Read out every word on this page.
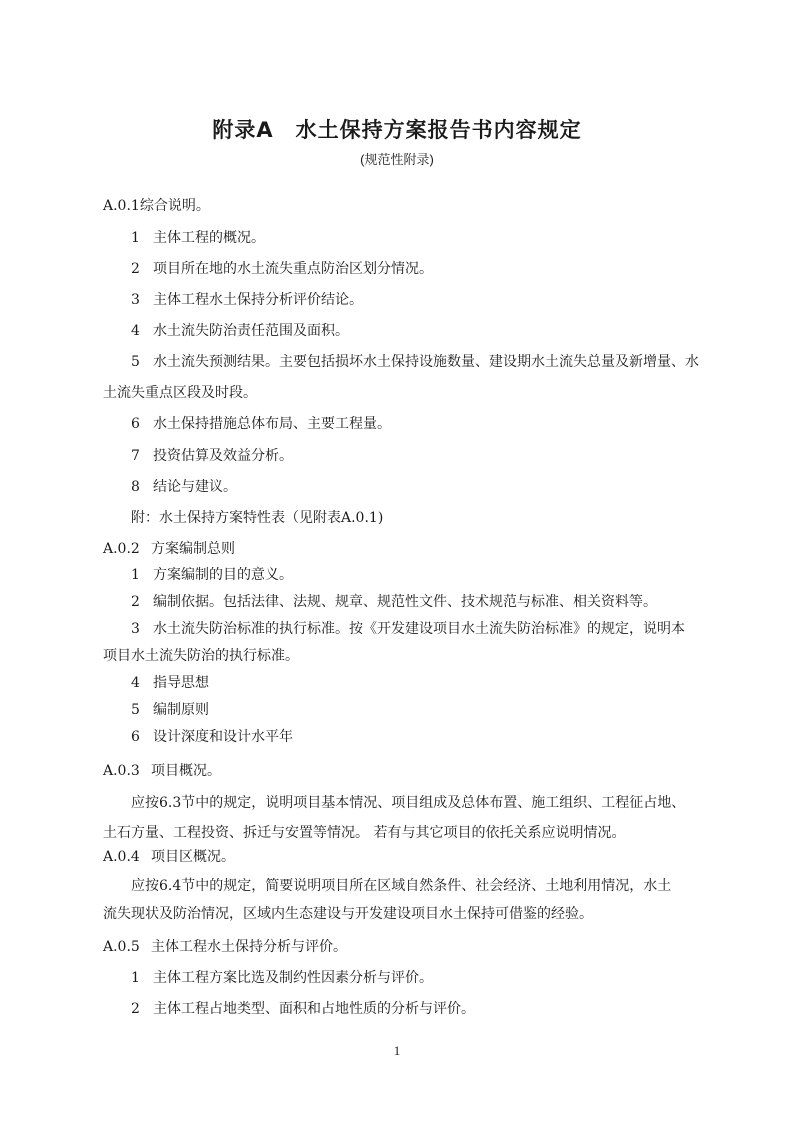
附录A 水土保持方案报告书内容规定
(规范性附录)
A.0.1综合说明。
1 主体工程的概况。
2 项目所在地的水土流失重点防治区划分情况。
3 主体工程水土保持分析评价结论。
4 水土流失防治责任范围及面积。
5 水土流失预测结果。主要包括损坏水土保持设施数量、建设期水土流失总量及新增量、水
土流失重点区段及时段。
6 水土保持措施总体布局、主要工程量。
7 投资估算及效益分析。
8 结论与建议。
附：水土保持方案特性表（见附表A.0.1)
A.0.2 方案编制总则
1 方案编制的目的意义。
2 编制依据。包括法律、法规、规章、规范性文件、技术规范与标准、相关资料等。
3 水土流失防治标准的执行标准。按《开发建设项目水土流失防治标准》的规定，说明本
项目水土流失防治的执行标准。
4 指导思想
5 编制原则
6 设计深度和设计水平年
A.0.3 项目概况。
应按6.3节中的规定，说明项目基本情况、项目组成及总体布置、施工组织、工程征占地、
土石方量、工程投资、拆迁与安置等情况。 若有与其它项目的依托关系应说明情况。
A.0.4 项目区概况。
应按6.4节中的规定，简要说明项目所在区域自然条件、社会经济、土地利用情况，水土
流失现状及防治情况，区域内生态建设与开发建设项目水土保持可借鉴的经验。
A.0.5 主体工程水土保持分析与评价。
1 主体工程方案比选及制约性因素分析与评价。
2 主体工程占地类型、面积和占地性质的分析与评价。
1
